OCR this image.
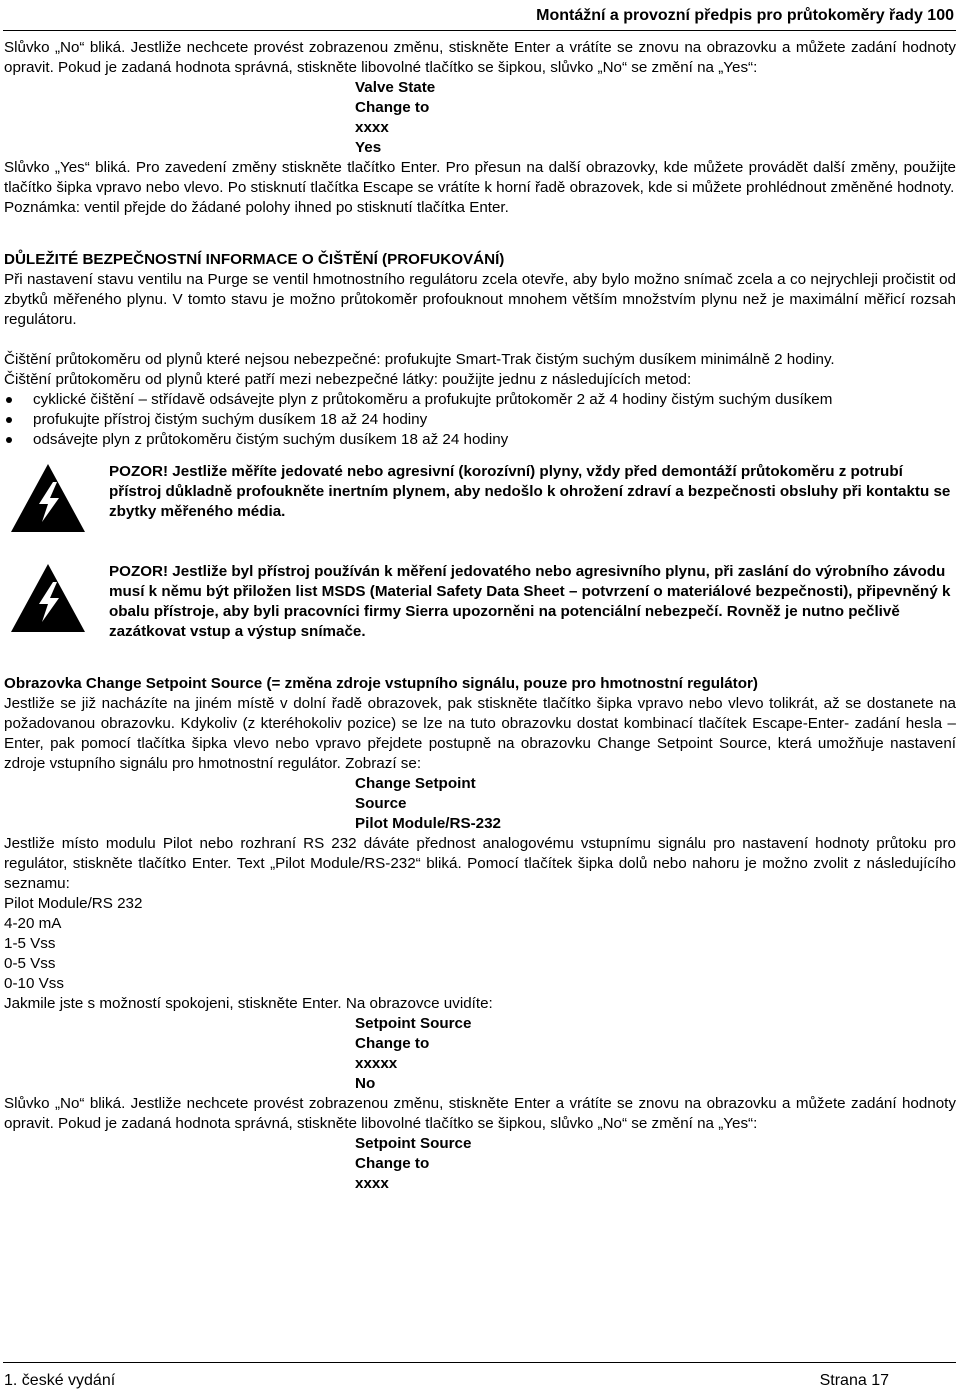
Montážní a provozní předpis pro průtokoměry řady 100

Slůvko „No“ bliká. Jestliže nechcete provést zobrazenou změnu, stiskněte Enter a vrátíte se znovu na obrazovku a můžete zadání hodnoty opravit. Pokud je zadaná hodnota správná, stiskněte libovolné tlačítko se šipkou, slůvko „No“ se změní na „Yes“:

Valve State

Change to

xxxx

Yes

Slůvko „Yes“ bliká. Pro zavedení změny stiskněte tlačítko Enter. Pro přesun na další obrazovky, kde můžete provádět další změny, použijte tlačítko šipka vpravo nebo vlevo. Po stisknutí tlačítka Escape se vrátíte k horní řadě obrazovek, kde si můžete prohlédnout změněné hodnoty.

Poznámka: ventil přejde do žádané polohy ihned po stisknutí tlačítka Enter.

DŮLEŽITÉ BEZPEČNOSTNÍ INFORMACE O ČIŠTĚNÍ (PROFUKOVÁNÍ)

Při nastavení stavu ventilu na Purge se ventil hmotnostního regulátoru zcela otevře, aby bylo možno snímač zcela a co nejrychleji pročistit od zbytků měřeného plynu. V tomto stavu je možno průtokoměr profouknout mnohem větším množstvím plynu než je maximální měřicí rozsah regulátoru.

Čištění průtokoměru od plynů které nejsou nebezpečné: profukujte Smart-Trak čistým suchým dusíkem minimálně 2 hodiny.

Čištění průtokoměru od plynů které patří mezi nebezpečné látky: použijte jednu z následujících metod:

cyklické čištění – střídavě odsávejte plyn z průtokoměru a profukujte průtokoměr 2 až 4 hodiny čistým suchým dusíkem
profukujte přístroj čistým suchým dusíkem 18 až 24 hodiny
odsávejte plyn z průtokoměru čistým suchým dusíkem 18 až 24 hodiny

POZOR! Jestliže měříte jedovaté nebo agresivní (korozívní) plyny, vždy před demontáží průtokoměru z potrubí přístroj důkladně profoukněte inertním plynem, aby nedošlo k ohrožení zdraví a bezpečnosti obsluhy při kontaktu se zbytky měřeného média.

POZOR! Jestliže byl přístroj používán k měření jedovatého nebo agresivního plynu, při zaslání do výrobního závodu musí k němu být přiložen list MSDS (Material Safety Data Sheet – potvrzení o materiálové bezpečnosti), připevněný k obalu přístroje, aby byli pracovníci firmy Sierra upozorněni na potenciální nebezpečí. Rovněž je nutno pečlivě zazátkovat vstup a výstup snímače.

Obrazovka Change Setpoint Source (= změna zdroje vstupního signálu, pouze pro hmotnostní regulátor)

Jestliže se již nacházíte na jiném místě v dolní řadě obrazovek, pak stiskněte tlačítko šipka vpravo nebo vlevo tolikrát, až se dostanete na požadovanou obrazovku. Kdykoliv (z kteréhokoliv pozice) se lze na tuto obrazovku dostat kombinací tlačítek Escape-Enter- zadání hesla – Enter, pak pomocí tlačítka šipka vlevo nebo vpravo přejdete postupně na obrazovku Change Setpoint Source, která umožňuje nastavení zdroje vstupního signálu pro hmotnostní regulátor. Zobrazí se:

Change Setpoint

Source

Pilot Module/RS-232

Jestliže místo modulu Pilot nebo rozhraní RS 232 dáváte přednost analogovému vstupnímu signálu pro nastavení hodnoty průtoku pro regulátor, stiskněte tlačítko Enter. Text „Pilot Module/RS-232“ bliká. Pomocí tlačítek šipka dolů nebo nahoru je možno zvolit z následujícího seznamu:

Pilot Module/RS 232

4-20 mA

1-5 Vss

0-5 Vss

0-10 Vss

Jakmile jste s možností spokojeni, stiskněte Enter. Na obrazovce uvidíte:

Setpoint Source

Change to

xxxxx

No

Slůvko „No“ bliká. Jestliže nechcete provést zobrazenou změnu, stiskněte Enter a vrátíte se znovu na obrazovku a můžete zadání hodnoty opravit. Pokud je zadaná hodnota správná, stiskněte libovolné tlačítko se šipkou, slůvko „No“ se změní na „Yes“:

Setpoint Source

Change to

xxxx

1. české vydání	Strana 17
